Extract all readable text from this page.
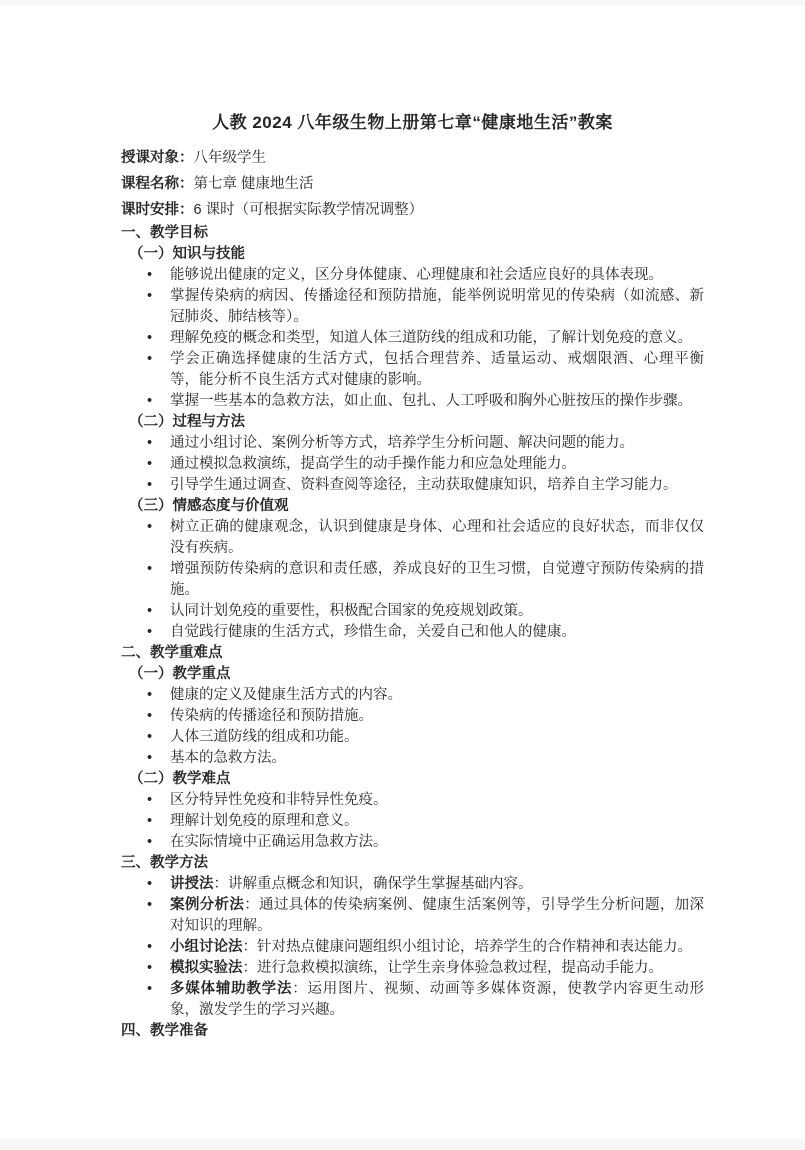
人教 2024 八年级生物上册第七章“健康地生活”教案
授课对象：八年级学生
课程名称：第七章 健康地生活
课时安排：6 课时（可根据实际教学情况调整）
一、教学目标
（一）知识与技能
• 能够说出健康的定义，区分身体健康、心理健康和社会适应良好的具体表现。
• 掌握传染病的病因、传播途径和预防措施，能举例说明常见的传染病（如流感、新冠肺炎、肺结核等）。
• 理解免疫的概念和类型，知道人体三道防线的组成和功能，了解计划免疫的意义。
• 学会正确选择健康的生活方式，包括合理营养、适量运动、戒烟限酒、心理平衡等，能分析不良生活方式对健康的影响。
• 掌握一些基本的急救方法，如止血、包扎、人工呼吸和胸外心脏按压的操作步骤。
（二）过程与方法
• 通过小组讨论、案例分析等方式，培养学生分析问题、解决问题的能力。
• 通过模拟急救演练，提高学生的动手操作能力和应急处理能力。
• 引导学生通过调查、资料查阅等途径，主动获取健康知识，培养自主学习能力。
（三）情感态度与价值观
• 树立正确的健康观念，认识到健康是身体、心理和社会适应的良好状态，而非仅仅没有疾病。
• 增强预防传染病的意识和责任感，养成良好的卫生习惯，自觉遵守预防传染病的措施。
• 认同计划免疫的重要性，积极配合国家的免疫规划政策。
• 自觉践行健康的生活方式，珍惜生命，关爱自己和他人的健康。
二、教学重难点
（一）教学重点
• 健康的定义及健康生活方式的内容。
• 传染病的传播途径和预防措施。
• 人体三道防线的组成和功能。
• 基本的急救方法。
（二）教学难点
• 区分特异性免疫和非特异性免疫。
• 理解计划免疫的原理和意义。
• 在实际情境中正确运用急救方法。
三、教学方法
• 讲授法：讲解重点概念和知识，确保学生掌握基础内容。
• 案例分析法：通过具体的传染病案例、健康生活案例等，引导学生分析问题，加深对知识的理解。
• 小组讨论法：针对热点健康问题组织小组讨论，培养学生的合作精神和表达能力。
• 模拟实验法：进行急救模拟演练，让学生亲身体验急救过程，提高动手能力。
• 多媒体辅助教学法：运用图片、视频、动画等多媒体资源，使教学内容更生动形象，激发学生的学习兴趣。
四、教学准备
